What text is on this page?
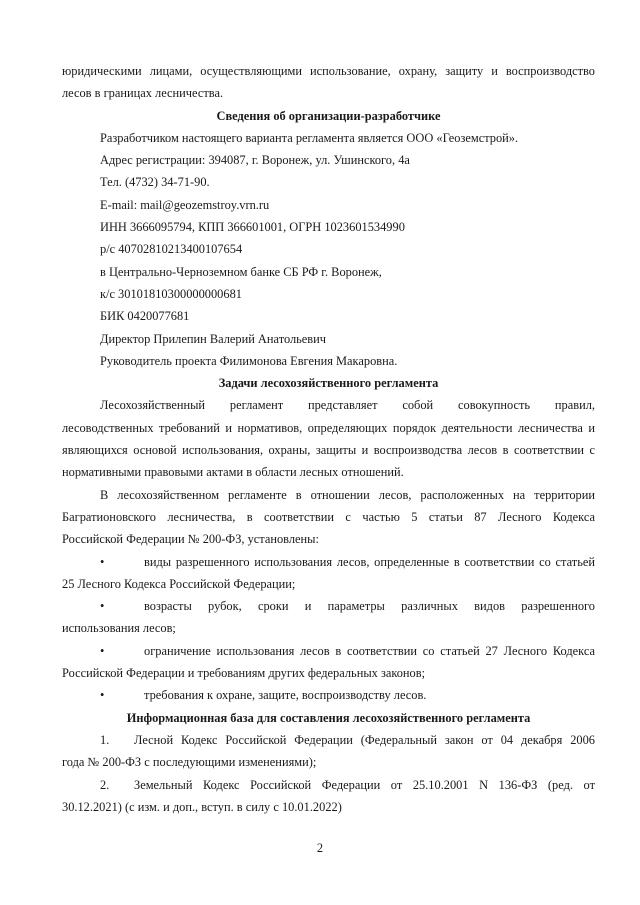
юридическими лицами, осуществляющими использование, охрану, защиту и воспроизводство
лесов в границах лесничества.
Сведения об организации-разработчике
Разработчиком настоящего варианта регламента является ООО «Геоземстрой».
Адрес регистрации: 394087, г. Воронеж, ул. Ушинского, 4а
Тел. (4732) 34-71-90.
E-mail: mail@geozemstroy.vrn.ru
ИНН 3666095794, КПП 366601001, ОГРН 1023601534990
р/с 40702810213400107654
в Центрально-Черноземном банке СБ РФ г. Воронеж,
к/с 30101810300000000681
БИК 0420077681
Директор Прилепин Валерий Анатольевич
Руководитель проекта Филимонова Евгения Макаровна.
Задачи лесохозяйственного регламента
Лесохозяйственный регламент представляет собой совокупность правил,
лесоводственных требований и нормативов, определяющих порядок деятельности лесничества и
являющихся основой использования, охраны, защиты и воспроизводства лесов в соответствии с
нормативными правовыми актами в области лесных отношений.
В лесохозяйственном регламенте в отношении лесов, расположенных на территории
Багратионовского лесничества, в соответствии с частью 5 статьи 87 Лесного Кодекса
Российской Федерации № 200-ФЗ, установлены:
•	виды разрешенного использования лесов, определенные в соответствии со статьей
25 Лесного Кодекса Российской Федерации;
•	возрасты рубок, сроки и параметры различных видов разрешенного
использования лесов;
•	ограничение использования лесов в соответствии со статьей 27 Лесного Кодекса
Российской Федерации и требованиям других федеральных законов;
•	требования к охране, защите, воспроизводству лесов.
Информационная база для составления лесохозяйственного регламента
1.	Лесной Кодекс Российской Федерации (Федеральный закон от 04 декабря 2006
года № 200-ФЗ с последующими изменениями);
2.	Земельный Кодекс Российской Федерации от 25.10.2001 N 136-ФЗ (ред. от
30.12.2021) (с изм. и доп., вступ. в силу с 10.01.2022)
2
